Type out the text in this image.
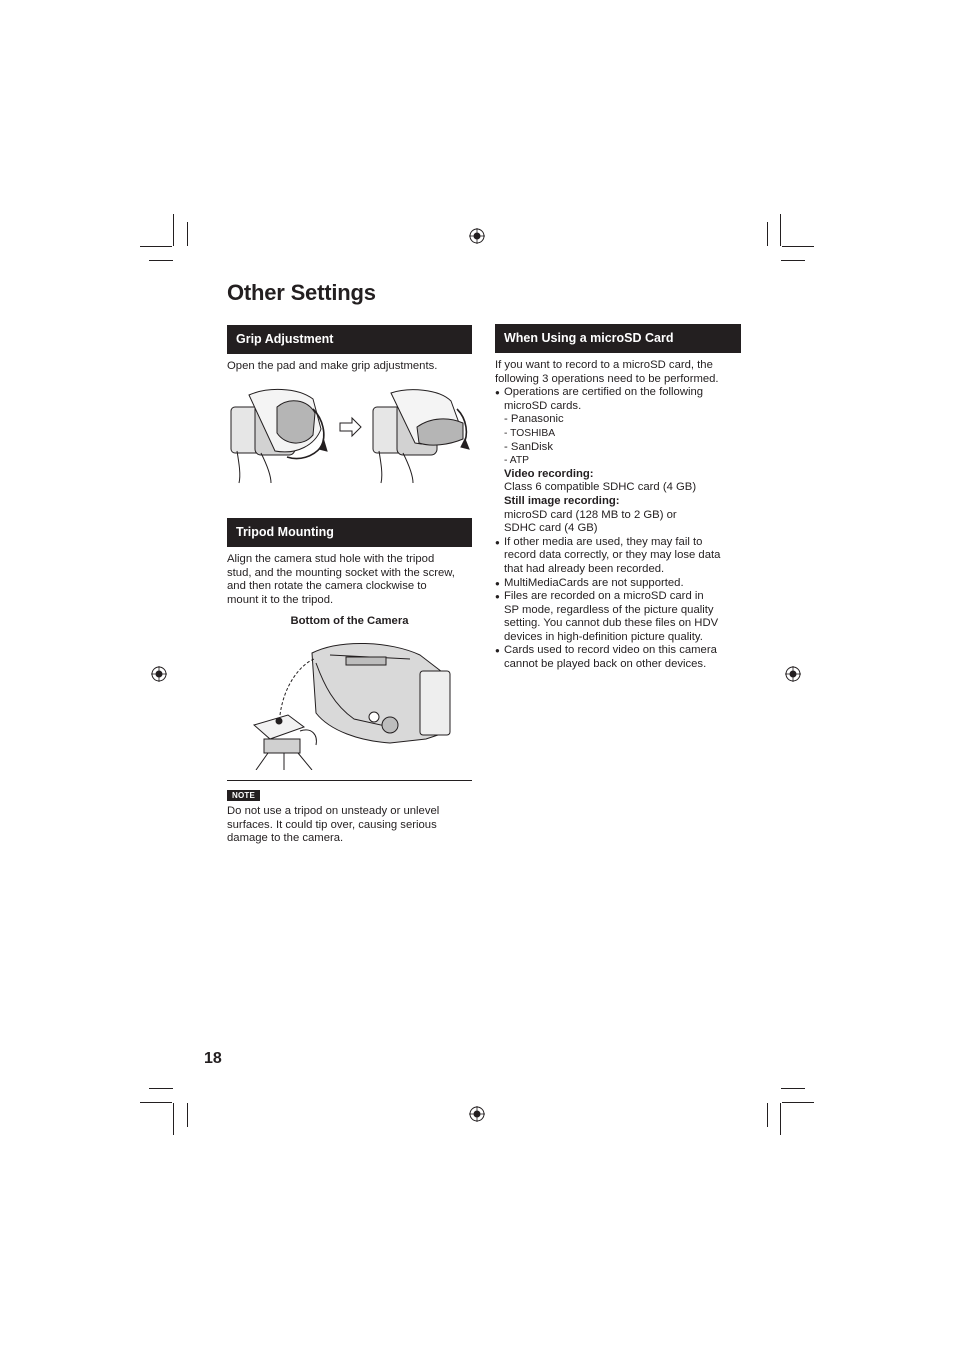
Other Settings
Grip Adjustment
Open the pad and make grip adjustments.
Tripod Mounting
Align the camera stud hole with the tripod
stud, and the mounting socket with the screw,
and then rotate the camera clockwise to
mount it to the tripod.
Bottom of the Camera
NOTE
Do not use a tripod on unsteady or unlevel
surfaces. It could tip over, causing serious
damage to the camera.
When Using a microSD Card
If you want to record to a microSD card, the
following 3 operations need to be performed.
● Operations are certified on the following
microSD cards.
- Panasonic
- TOSHIBA
- SanDisk
- ATP
Video recording:
Class 6 compatible SDHC card (4 GB)
Still image recording:
microSD card (128 MB to 2 GB) or
SDHC card (4 GB)
● If other media are used, they may fail to
record data correctly, or they may lose data
that had already been recorded.
● MultiMediaCards are not supported.
● Files are recorded on a microSD card in
SP mode, regardless of the picture quality
setting. You cannot dub these files on HDV
devices in high-definition picture quality.
● Cards used to record video on this camera
cannot be played back on other devices.
18
